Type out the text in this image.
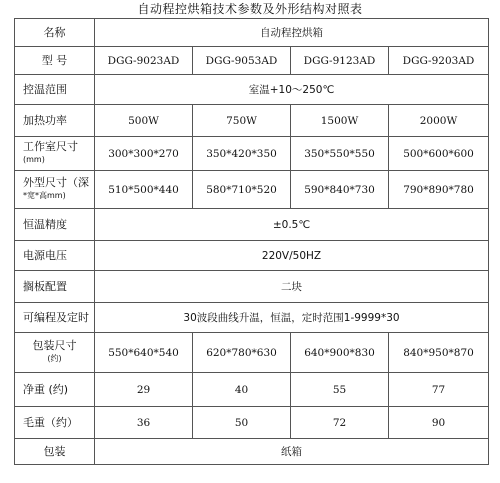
自动程控烘箱技术参数及外形结构对照表
名称	自动程控烘箱			
型 号	DGG-9023AD	DGG-9053AD	DGG-9123AD	DGG-9203AD
控温范围	室温+10～250℃			
加热功率	500W	750W	1500W	2000W
工作室尺寸
(mm)	300*300*270	350*420*350	350*550*550	500*600*600
外型尺寸（深
*宽*高mm)	510*500*440	580*710*520	590*840*730	790*890*780
恒温精度	±0.5℃			
电源电压	220V/50HZ			
搁板配置	二块			
可编程及定时	30波段曲线升温，恒温，定时范围1-9999*30			
包装尺寸
(约)	550*640*540	620*780*630	640*900*830	840*950*870
净重 (约)	29	40	55	77
毛重（约）	36	50	72	90
包装	纸箱			
